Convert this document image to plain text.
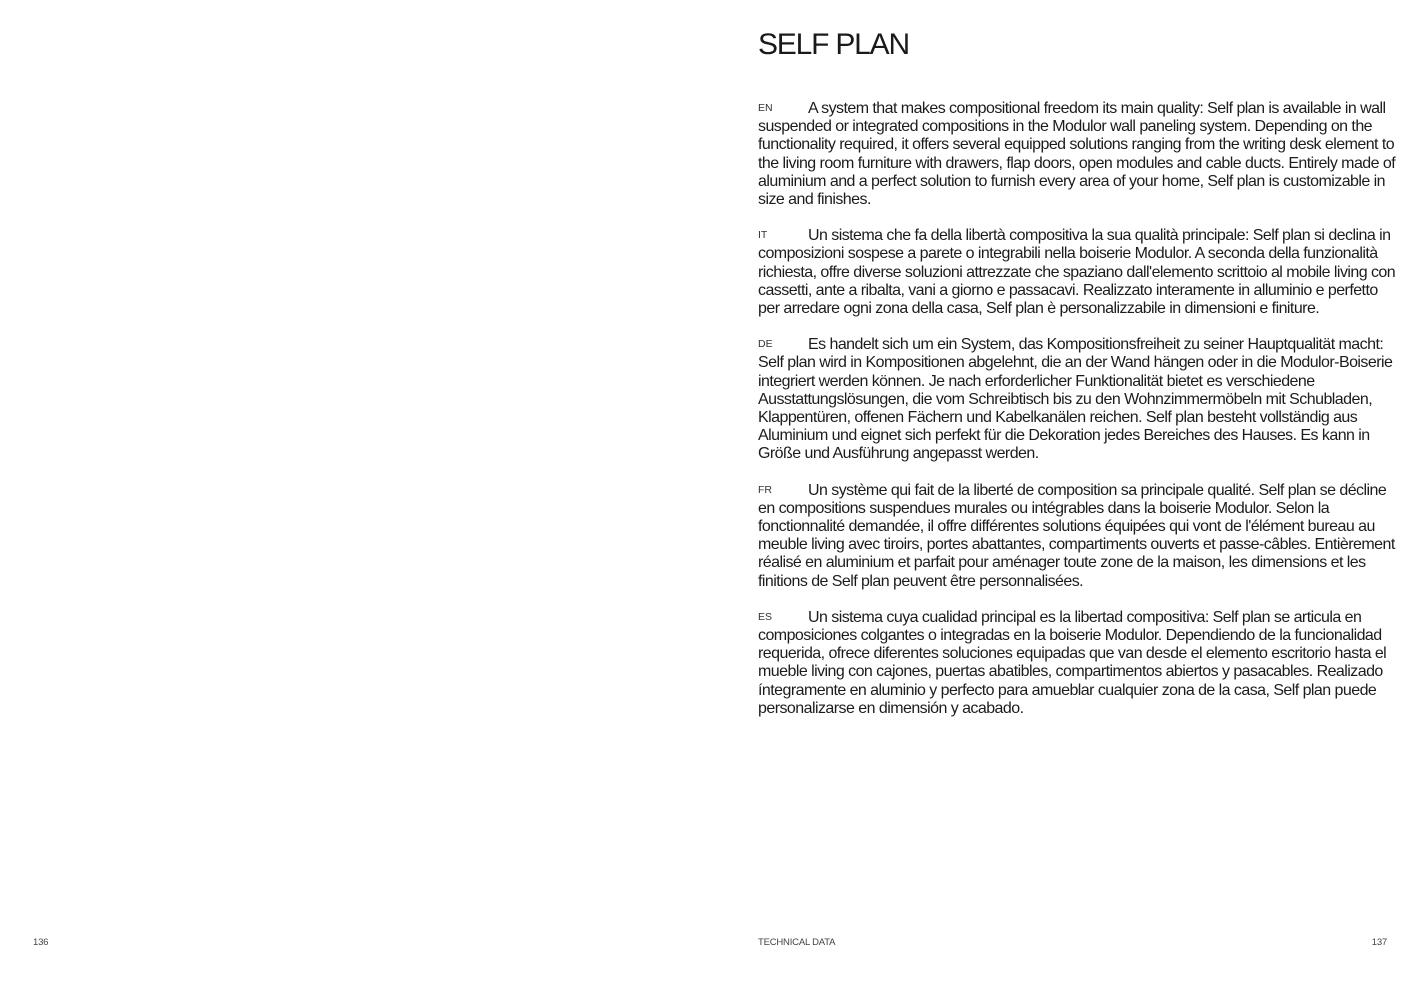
136
SELF PLAN
EN	A system that makes compositional freedom its main quality: Self plan is available in wall suspended or integrated compositions in the Modulor wall paneling system. Depending on the functionality required, it offers several equipped solutions ranging from the writing desk element to the living room furniture with drawers, flap doors, open modules and cable ducts. Entirely made of aluminium and a perfect solution to furnish every area of your home, Self plan is customizable in size and finishes.

IT	Un sistema che fa della libertà compositiva la sua qualità principale: Self plan si declina in composizioni sospese a parete o integrabili nella boiserie Modulor. A seconda della funzionalità richiesta, offre diverse soluzioni attrezzate che spaziano dall'elemento scrittoio al mobile living con cassetti, ante a ribalta, vani a giorno e passacavi. Realizzato interamente in alluminio e perfetto per arredare ogni zona della casa, Self plan è personalizzabile in dimensioni e finiture.

DE	Es handelt sich um ein System, das Kompositionsfreiheit zu seiner Hauptqualität macht: Self plan wird in Kompositionen abgelehnt, die an der Wand hängen oder in die Modulor-Boiserie integriert werden können. Je nach erforderlicher Funktionalität bietet es verschiedene Ausstattungslösungen, die vom Schreibtisch bis zu den Wohnzimmermöbeln mit Schubladen, Klappentüren, offenen Fächern und Kabelkanälen reichen. Self plan besteht vollständig aus Aluminium und eignet sich perfekt für die Dekoration jedes Bereiches des Hauses. Es kann in Größe und Ausführung angepasst werden.

FR	Un système qui fait de la liberté de composition sa principale qualité. Self plan se décline en compositions suspendues murales ou intégrables dans la boiserie Modulor. Selon la fonctionnalité demandée, il offre différentes solutions équipées qui vont de l'élément bureau au meuble living avec tiroirs, portes abattantes, compartiments ouverts et passe-câbles. Entièrement réalisé en aluminium et parfait pour aménager toute zone de la maison, les dimensions et les finitions de Self plan peuvent être personnalisées.

ES	Un sistema cuya cualidad principal es la libertad compositiva: Self plan se articula en composiciones colgantes o integradas en la boiserie Modulor. Dependiendo de la funcionalidad requerida, ofrece diferentes soluciones equipadas que van desde el elemento escritorio hasta el mueble living con cajones, puertas abatibles, compartimentos abiertos y pasacables. Realizado íntegramente en aluminio y perfecto para amueblar cualquier zona de la casa, Self plan puede personalizarse en dimensión y acabado.

TECHNICAL DATA	137
